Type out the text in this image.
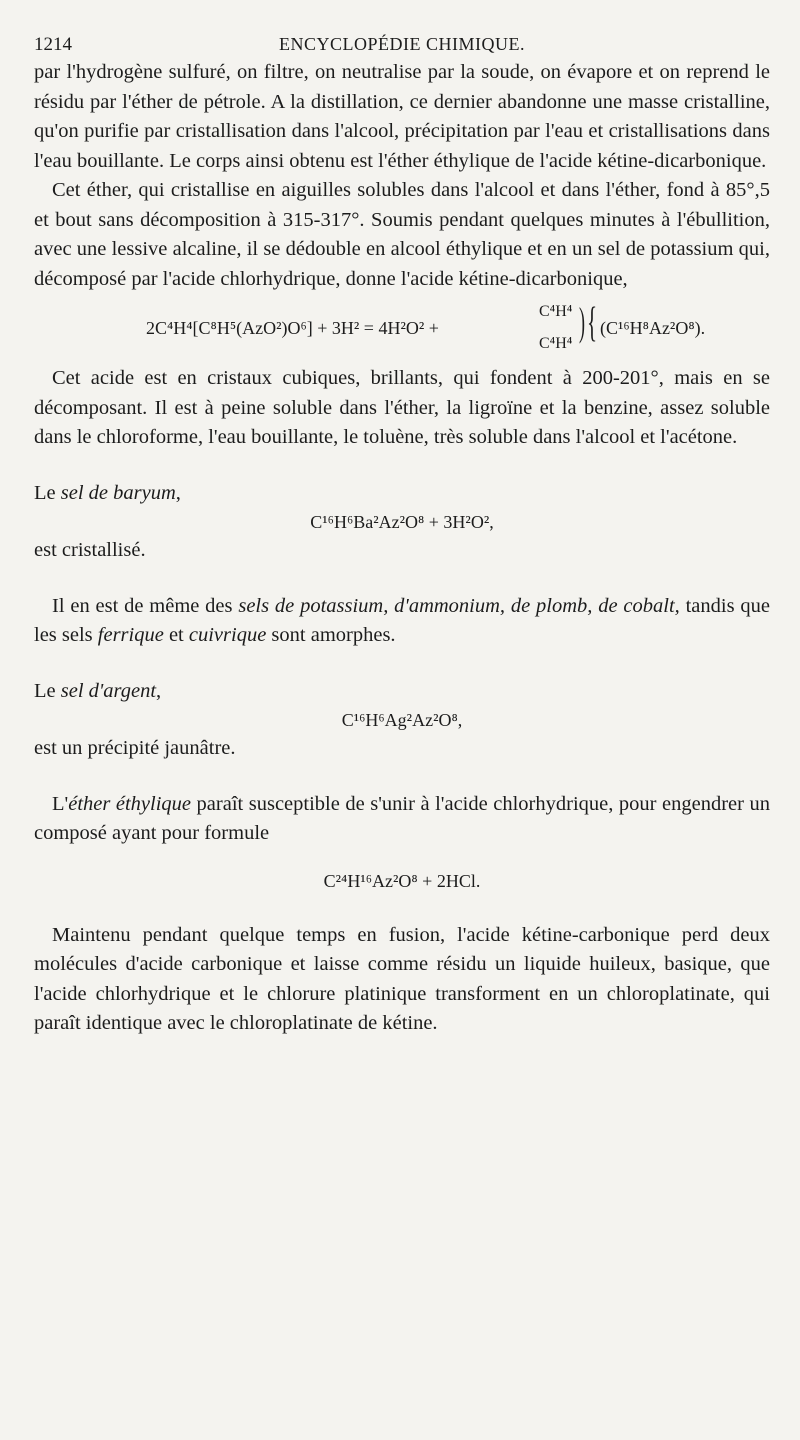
1214	ENCYCLOPÉDIE CHIMIQUE.

par l'hydrogène sulfuré, on filtre, on neutralise par la soude, on évapore et on reprend le résidu par l'éther de pétrole. A la distillation, ce dernier abandonne une masse cristalline, qu'on purifie par cristallisation dans l'alcool, précipitation par l'eau et cristallisations dans l'eau bouillante. Le corps ainsi obtenu est l'éther éthylique de l'acide kétine-dicarbonique.

Cet éther, qui cristallise en aiguilles solubles dans l'alcool et dans l'éther, fond à 85°,5 et bout sans décomposition à 315-317°. Soumis pendant quelques minutes à l'ébullition, avec une lessive alcaline, il se dédouble en alcool éthylique et en un sel de potassium qui, décomposé par l'acide chlorhydrique, donne l'acide kétine-dicarbonique,

2C⁴H⁴[C⁸H⁵(AzO²)O⁶] + 3H² = 4H²O² +
C⁴H⁴
C⁴H⁴ ) { (C¹⁶H⁸Az²O⁸).

Cet acide est en cristaux cubiques, brillants, qui fondent à 200-201°, mais en se décomposant. Il est à peine soluble dans l'éther, la ligroïne et la benzine, assez soluble dans le chloroforme, l'eau bouillante, le toluène, très soluble dans l'alcool et l'acétone.

Le sel de baryum,

C¹⁶H⁶Ba²Az²O⁸ + 3H²O²,

est cristallisé.

Il en est de même des sels de potassium, d'ammonium, de plomb, de cobalt, tandis que les sels ferrique et cuivrique sont amorphes.

Le sel d'argent,

C¹⁶H⁶Ag²Az²O⁸,

est un précipité jaunâtre.

L'éther éthylique paraît susceptible de s'unir à l'acide chlorhydrique, pour engendrer un composé ayant pour formule

C²⁴H¹⁶Az²O⁸ + 2HCl.

Maintenu pendant quelque temps en fusion, l'acide kétine-carbonique perd deux molécules d'acide carbonique et laisse comme résidu un liquide huileux, basique, que l'acide chlorhydrique et le chlorure platinique transforment en un chloroplatinate, qui paraît identique avec le chloroplatinate de kétine.
